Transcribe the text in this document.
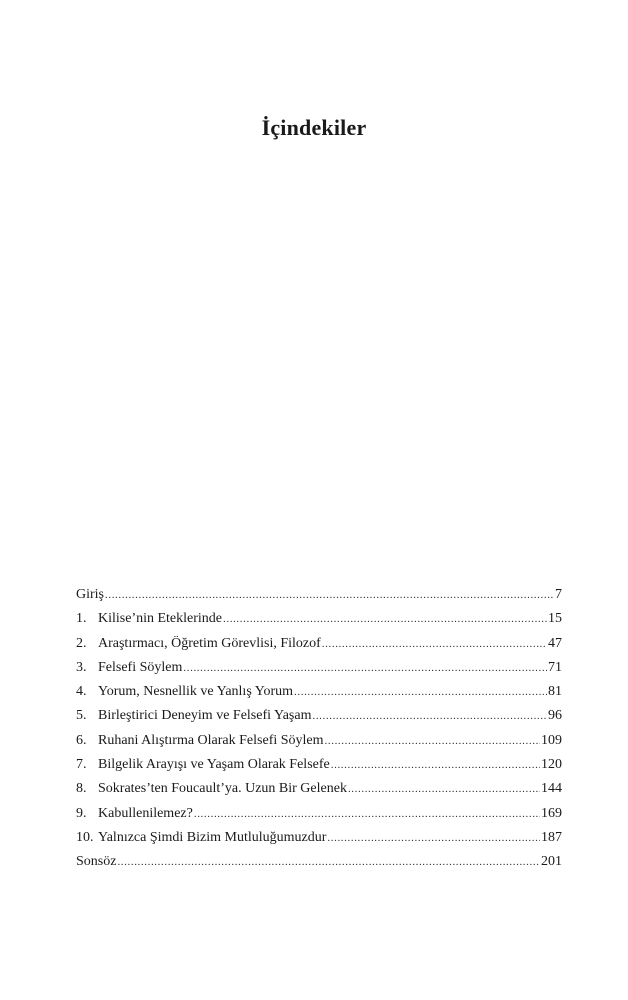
İçindekiler
Giriş .....	7
1. Kilise’nin Eteklerinde .....	15
2. Araştırmacı, Öğretim Görevlisi, Filozof .....	47
3. Felsefi Söylem .....	71
4. Yorum, Nesnellik ve Yanlış Yorum .....	81
5. Birleştirici Deneyim ve Felsefi Yaşam .....	96
6. Ruhani Alıştırma Olarak Felsefi Söylem .....	109
7. Bilgelik Arayışı ve Yaşam Olarak Felsefe .....	120
8. Sokrates’ten Foucault’ya. Uzun Bir Gelenek .....	144
9. Kabullenilemez? .....	169
10. Yalnızca Şimdi Bizim Mutluluğumuzdur .....	187
Sonsöz .....	201
